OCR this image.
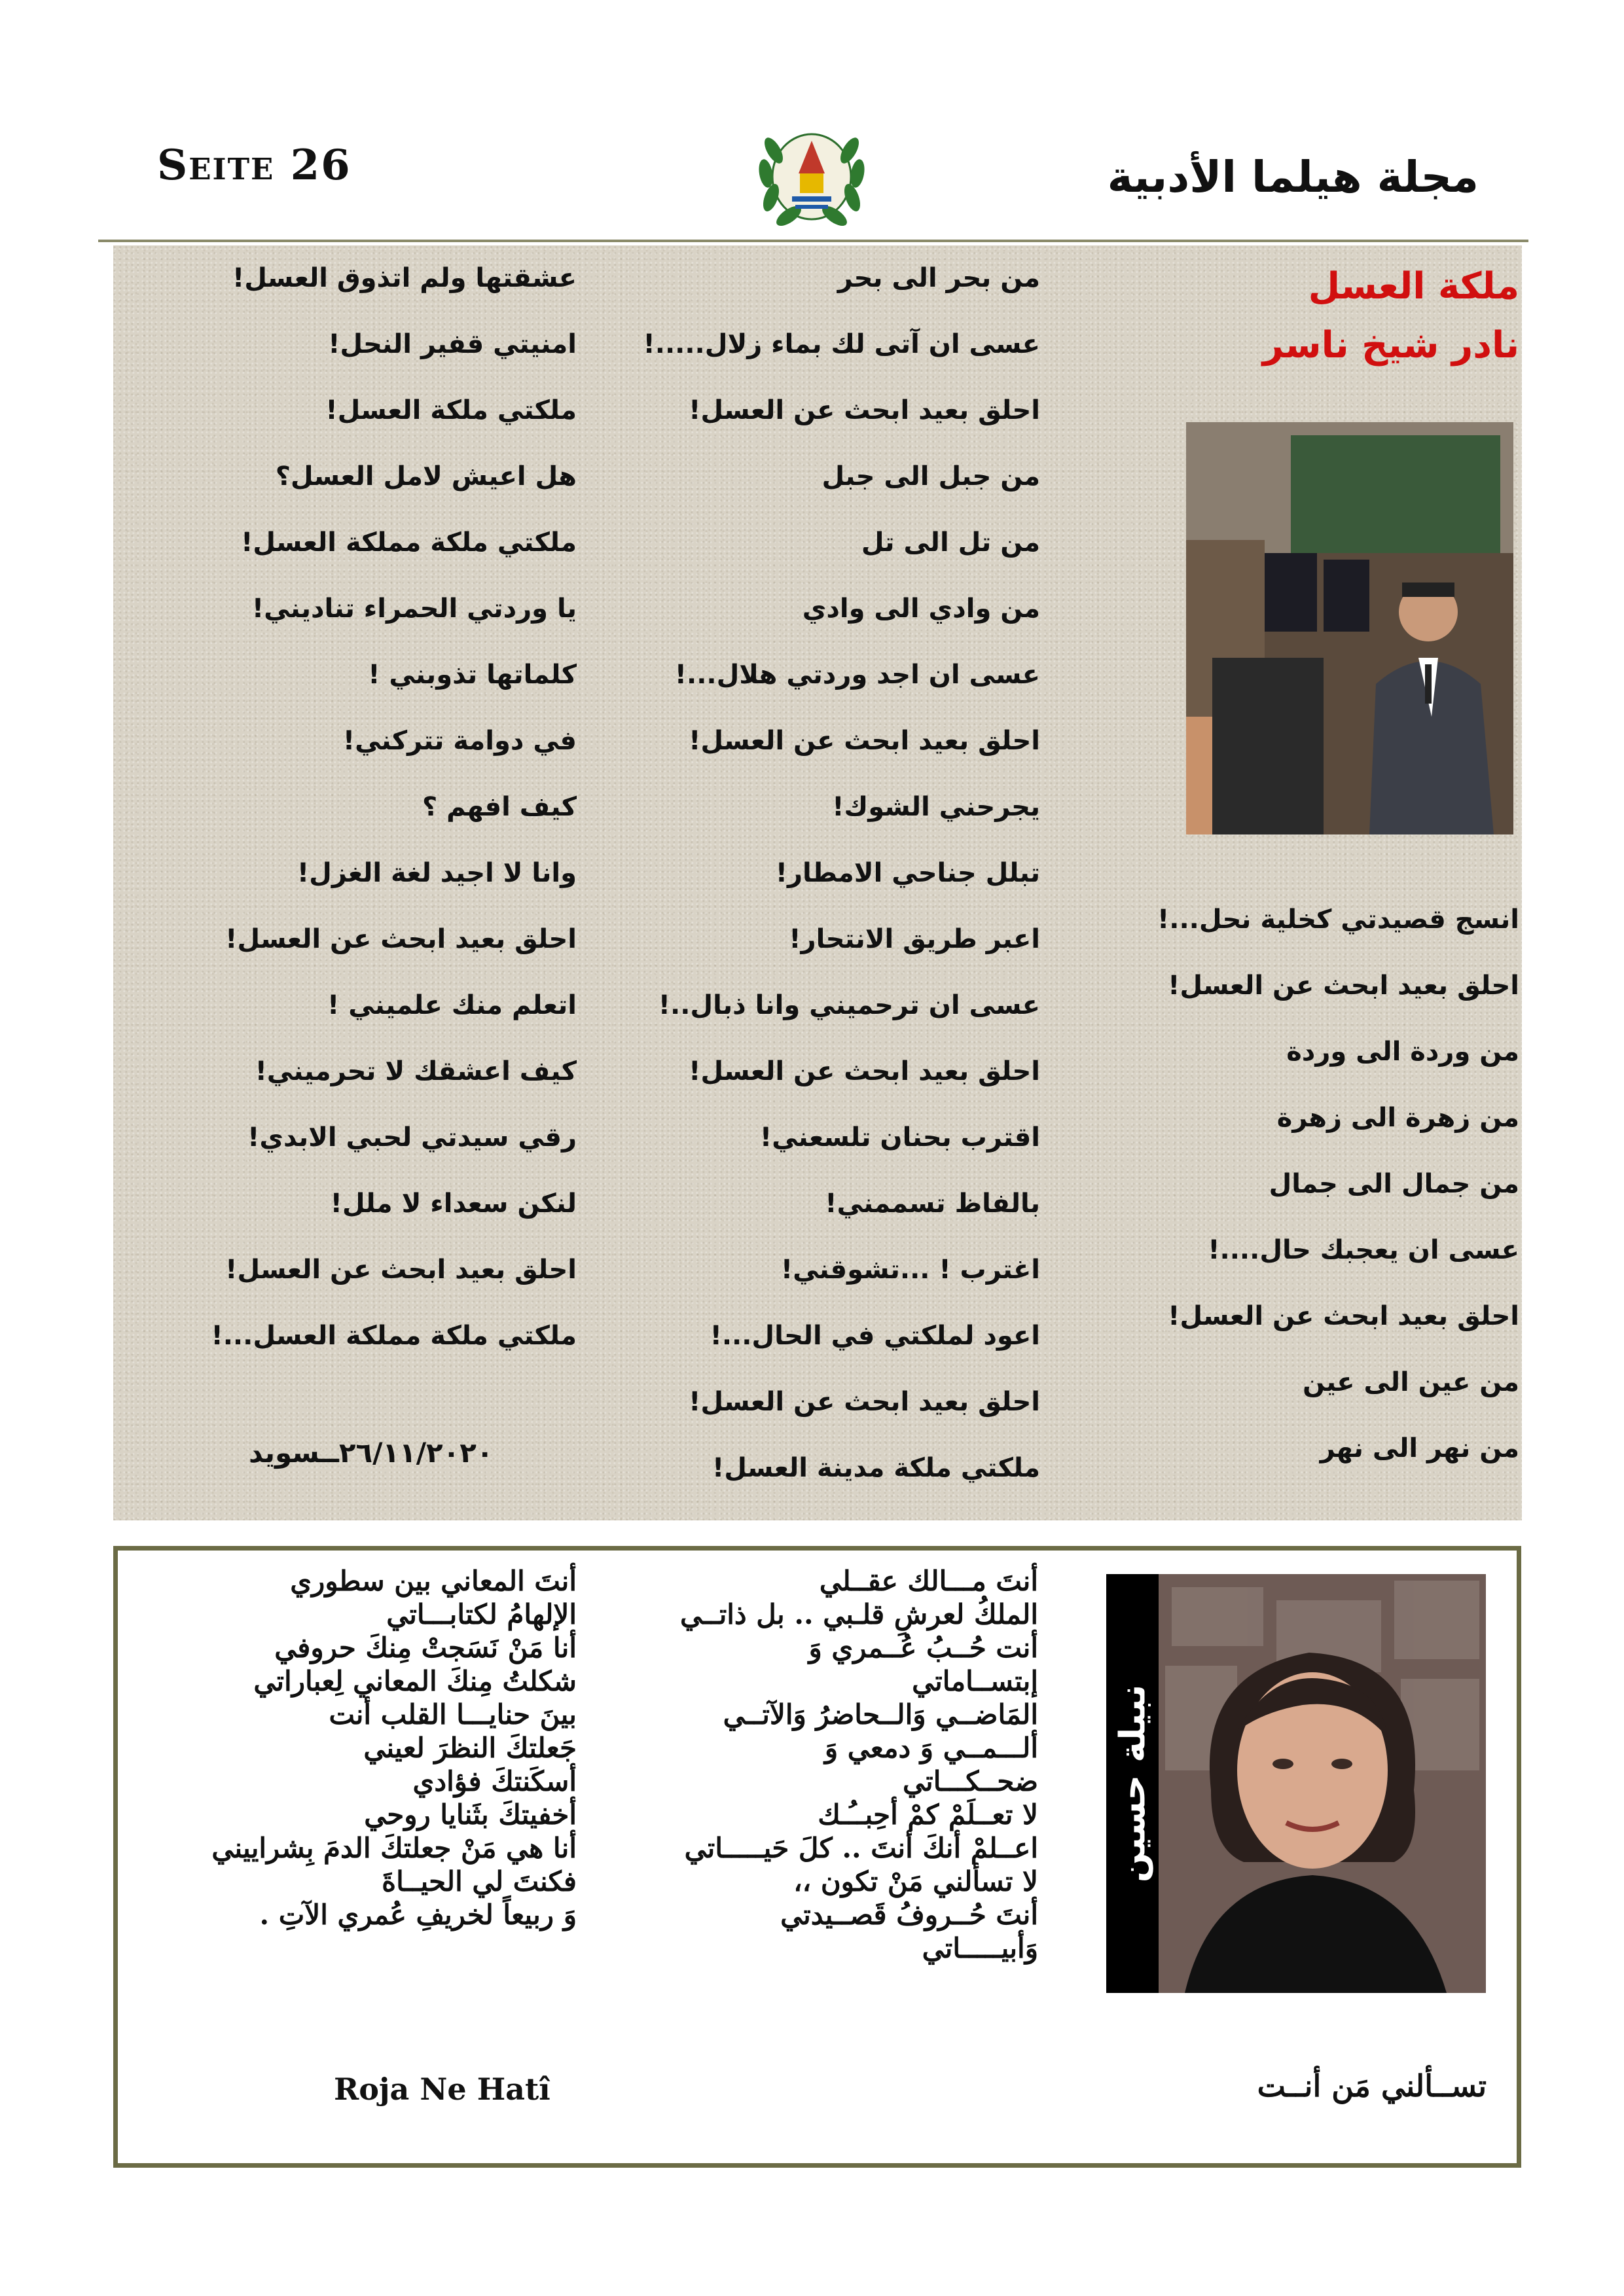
Seite 26	مجلة هيلما الأدبية
ملكة العسل
نادر شيخ ناسر
انسج قصيدتي كخلية نحل...!
احلق بعيد ابحث عن العسل!
من وردة الى وردة
من زهرة الى زهرة
من جمال الى جمال
عسى ان يعجبك حال....!
احلق بعيد ابحث عن العسل!
من عين الى عين
من نهر الى نهر
من بحر الى بحر
عسى ان آتى لك بماء زلال.....!
احلق بعيد ابحث عن العسل!
من جبل الى جبل
من تل الى تل
من وادي الى وادي
عسى ان اجد وردتي هلال...!
احلق بعيد ابحث عن العسل!
يجرحني الشوك!
تبلل جناحي الامطار!
اعبر طريق الانتحار!
عسى ان ترحميني وانا ذبال..!
احلق بعيد ابحث عن العسل!
اقترب بحنان تلسعني!
بالفاظ تسممني!
اغترب ! ...تشوقني!
اعود لملكتي في الحال...!
احلق بعيد ابحث عن العسل!
ملكتي ملكة مدينة العسل!
عشقتها ولم اتذوق العسل!
امنيتي قفير النحل!
ملكتي ملكة العسل!
هل اعيش لامل العسل؟
ملكتي ملكة مملكة العسل!
يا وردتي الحمراء تناديني!
كلماتها تذوبني !
في دوامة تتركني!
كيف افهم ؟
وانا لا اجيد لغة الغزل!
احلق بعيد ابحث عن العسل!
اتعلم منك علميني !
كيف اعشقك لا تحرميني!
رقي سيدتي لحبي الابدي!
لنكن سعداء لا ملل!
احلق بعيد ابحث عن العسل!
ملكتي ملكة مملكة العسل...!
٢٦/١١/٢٠٢٠ــسويد
نبيلة حسين
أنتَ مـــالك عقــلي
الملكُ لعرشِ قلـبي .. بل ذاتــي
أنت حُــبُ عُــمري وَ
إبتســاماتي
المَاضــي وَالــحاضرُ وَالآتــي
ألـــمــي وَ دمعي وَ
ضحــكـــاتي
لا تعــلَمْ كمْ أحِبــُـك
اعــلمْ أنكَ أنتَ .. كلَ حَيـــــاتي
لا تسألني مَنْ تكون ،،
أنتَ حُــروفُ قَصــيدتي
وَأبيـــــاتي
أنتَ المعاني بين سطوري
الإلهامُ لكتابـــاتي
أنا مَنْ نَسَجتْ مِنكَ حروفي
شكلتُ مِنكَ المعاني لِعباراتي
بينَ حنايـــا القلب أنت
جَعلتكَ النظرَ لعيني
أسكَنتكَ فؤادي
أخفيتكَ بثَنايا روحي
أنا هي مَنْ جعلتكَ الدمَ بِشراييني
فكنتَ لي الحيــاةَ
وَ ربيعاً لخريفِ عُمري الآتِ .
Roja Ne Hatî	تســألني مَن أنــت
